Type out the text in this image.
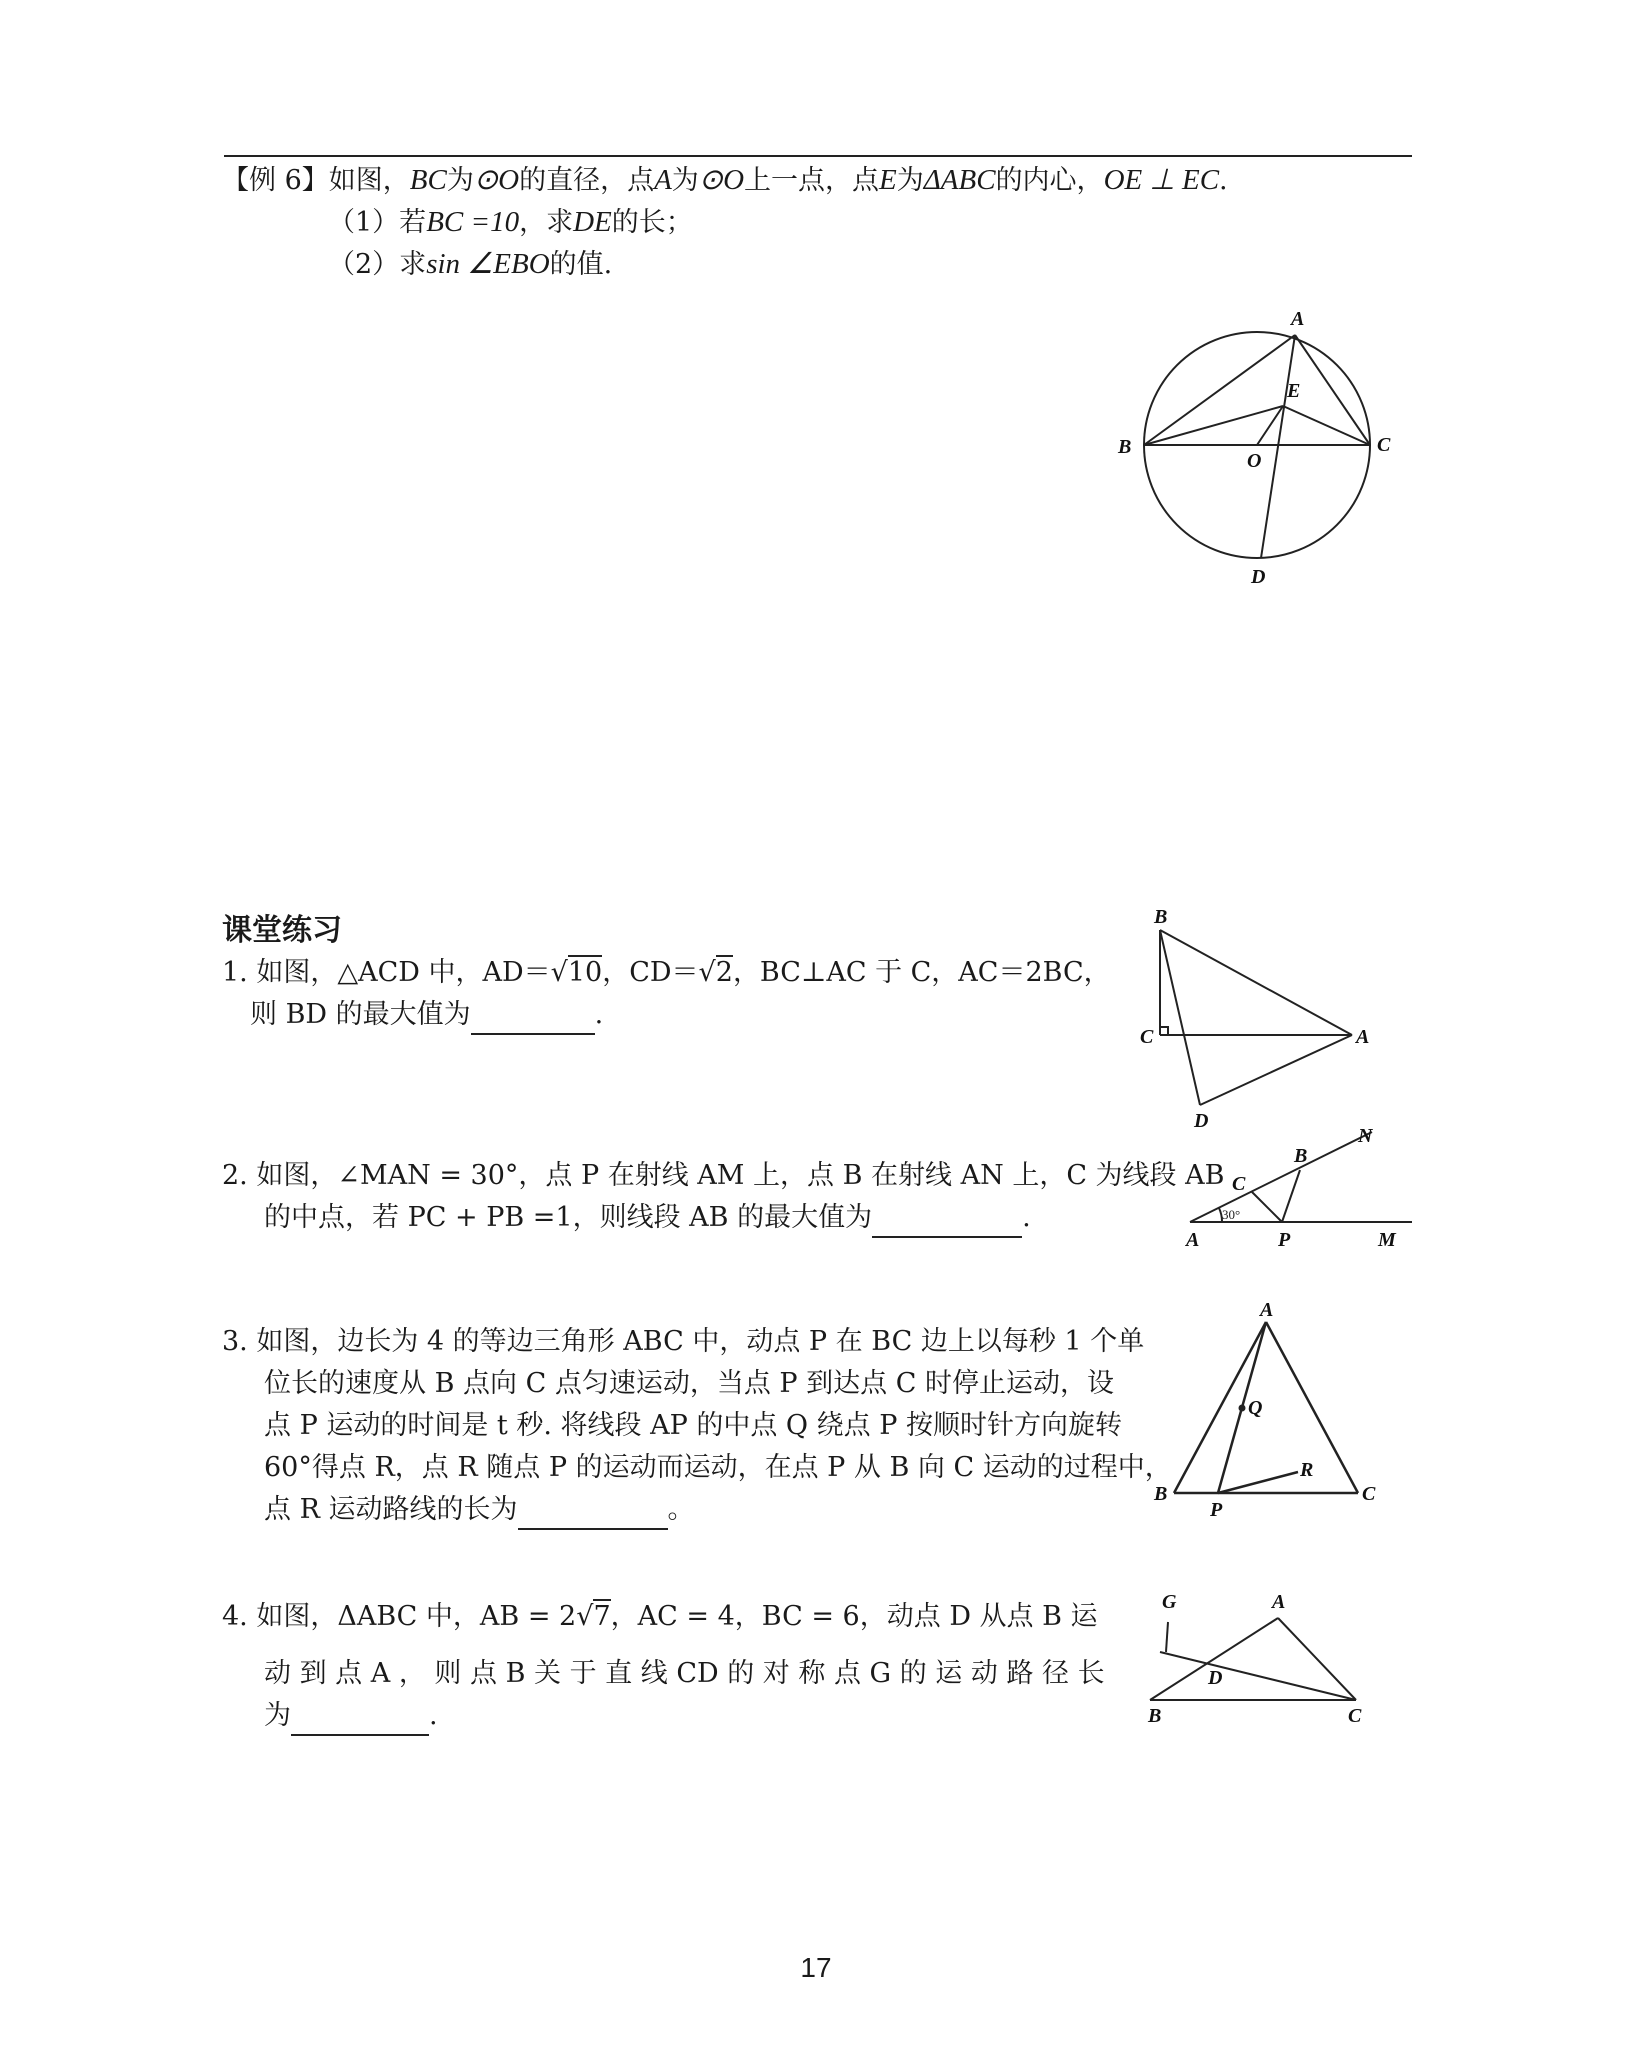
【例 6】如图，BC为⊙O的直径，点A为⊙O上一点，点E为ΔABC的内心，OE ⊥ EC.
（1）若BC =10，求DE的长；
（2）求sin ∠EBO的值.
A
E
B
O
C
D
课堂练习
1. 如图，△ACD 中，AD＝√10，CD＝√2，BC⊥AC 于 C，AC＝2BC，
则 BD 的最大值为	.
B
C	A
D
2. 如图，∠MAN = 30°，点 P 在射线 AM 上，点 B 在射线 AN 上，C 为线段 AB
的中点，若 PC + PB =1，则线段 AB 的最大值为	.
B
N
C
30°
A	P	M
3. 如图，边长为 4 的等边三角形 ABC 中，动点 P 在 BC 边上以每秒 1 个单
位长的速度从 B 点向 C 点匀速运动，当点 P 到达点 C 时停止运动，设
点 P 运动的时间是 t 秒. 将线段 AP 的中点 Q 绕点 P 按顺时针方向旋转
60°得点 R，点 R 随点 P 的运动而运动，在点 P 从 B 向 C 运动的过程中，
点 R 运动路线的长为	。
A
Q
R
B
P
C
4. 如图，ΔABC 中，AB = 2√7，AC = 4，BC = 6，动点 D 从点 B 运
动 到 点 A ， 则 点 B 关 于 直 线 CD 的 对 称 点 G 的 运 动 路 径 长
为	.
G	A
D
B	C
17
